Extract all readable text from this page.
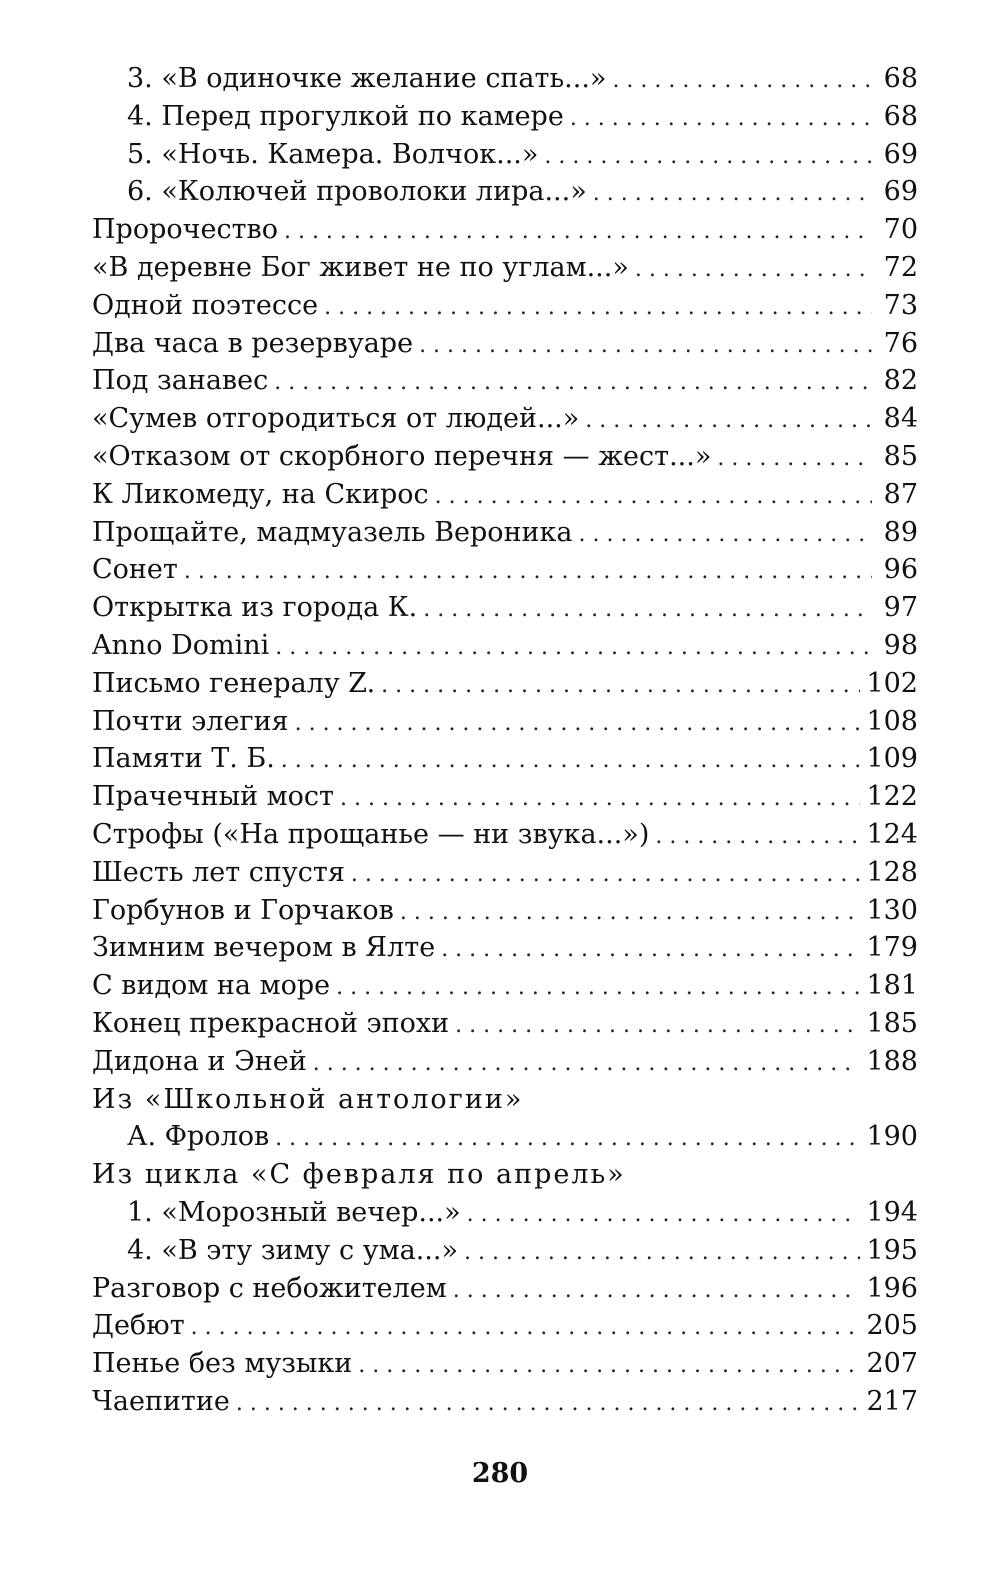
3. «В одиночке желание спать...» . . .	68
4. Перед прогулкой по камере . . .	68
5. «Ночь. Камера. Волчок...» . . .	69
6. «Колючей проволоки лира...» . . .	69
Пророчество . . .	70
«В деревне Бог живет не по углам...» . . .	72
Одной поэтессе . . .	73
Два часа в резервуаре . . .	76
Под занавес . . .	82
«Сумев отгородиться от людей...» . . .	84
«Отказом от скорбного перечня — жест...» . . .	85
К Ликомеду, на Скирос . . .	87
Прощайте, мадмуазель Вероника . . .	89
Сонет . . .	96
Открытка из города К. . . .	97
Anno Domini . . .	98
Письмо генералу Z. . . .	102
Почти элегия . . .	108
Памяти Т. Б. . . .	109
Прачечный мост . . .	122
Строфы («На прощанье — ни звука...») . . .	124
Шесть лет спустя . . .	128
Горбунов и Горчаков . . .	130
Зимним вечером в Ялте . . .	179
С видом на море . . .	181
Конец прекрасной эпохи . . .	185
Дидона и Эней . . .	188
Из «Школьной антологии»
А. Фролов . . .	190
Из цикла «С февраля по апрель»
1. «Морозный вечер...» . . .	194
4. «В эту зиму с ума...» . . .	195
Разговор с небожителем . . .	196
Дебют . . .	205
Пенье без музыки . . .	207
Чаепитие . . .	217
280
